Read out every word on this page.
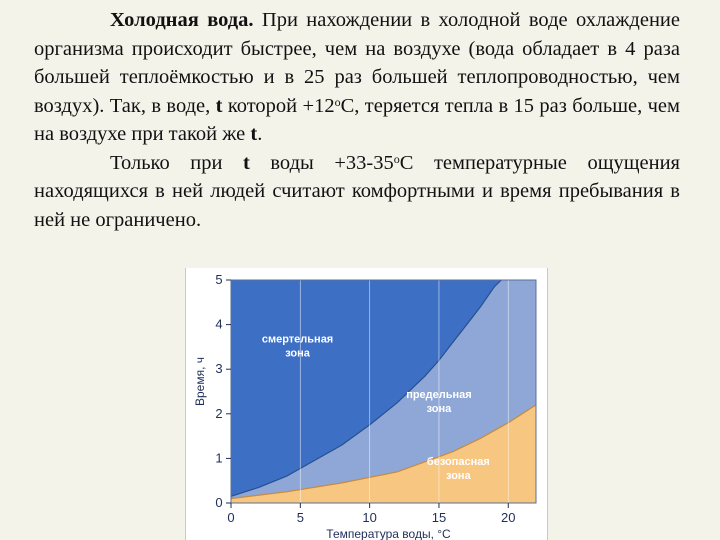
Холодная вода. При нахождении в холодной воде охлаждение организма происходит быстрее, чем на воздухе (вода обладает в 4 раза большей теплоёмкостью и в 25 раз большей теплопроводностью, чем воздух). Так, в воде, t которой $+12^оС$, теряется тепла в 15 раз больше, чем на воздухе при такой же t.

Только при t воды $+33-35^оС$ температурные ощущения находящихся в ней людей считают комфортными и время пребывания в ней не ограничено.

0
1
2
3
4
5
0	5	10	15	20
Время, ч
Температура воды, °С
смертельная
зона
предельная
зона
безопасная
зона
